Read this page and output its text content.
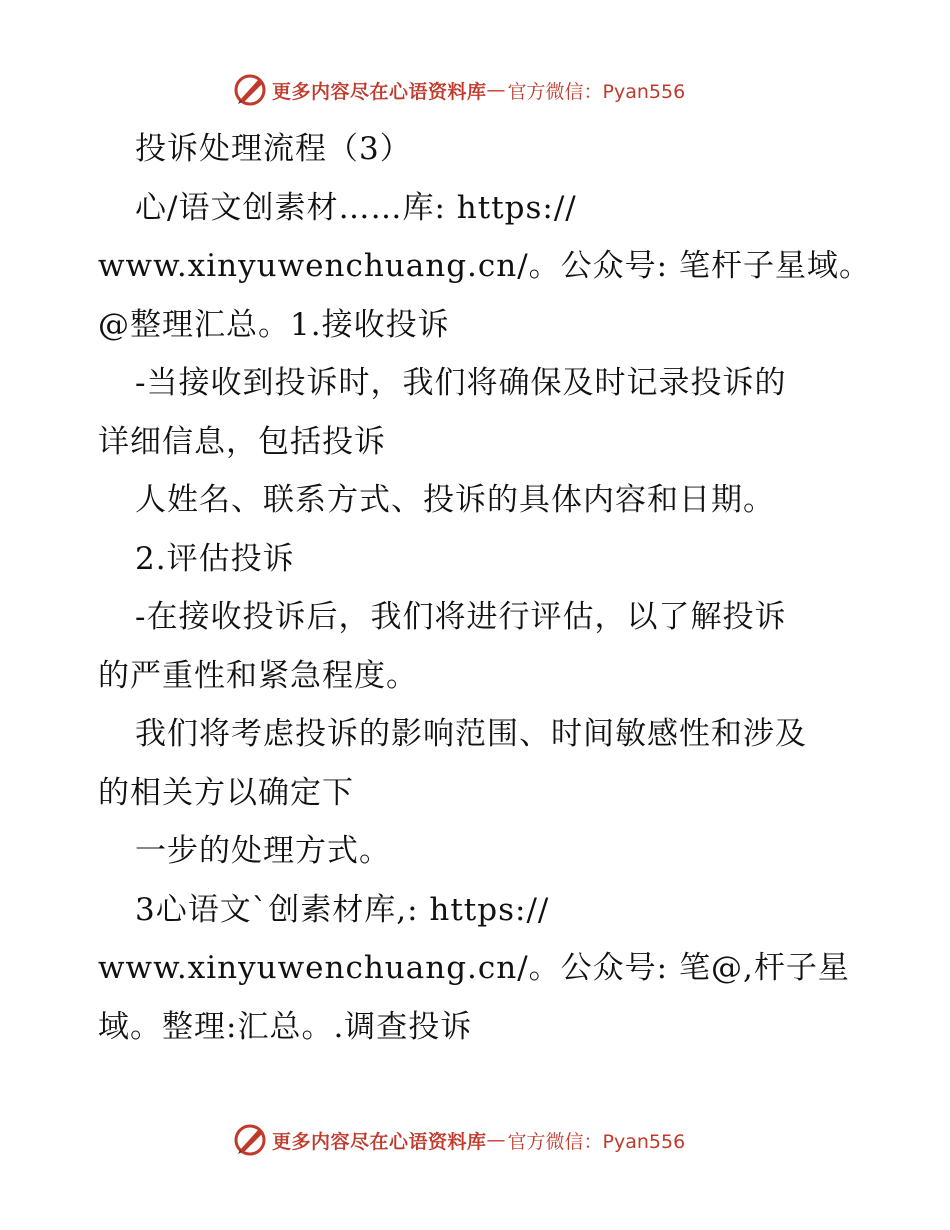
更多内容尽在心语资料库 — 官方微信：Pyan556
投诉处理流程（3）
心/语文创素材……库: https://
www.xinyuwenchuang.cn/。公众号: 笔杆子星域。
@整理汇总。1.接收投诉
-当接收到投诉时，我们将确保及时记录投诉的
详细信息，包括投诉
人姓名、联系方式、投诉的具体内容和日期。
2.评估投诉
-在接收投诉后，我们将进行评估，以了解投诉
的严重性和紧急程度。
我们将考虑投诉的影响范围、时间敏感性和涉及
的相关方以确定下
一步的处理方式。
3心语文`创素材库,: https://
www.xinyuwenchuang.cn/。公众号: 笔@,杆子星
域。整理:汇总。.调查投诉
更多内容尽在心语资料库 — 官方微信：Pyan556
